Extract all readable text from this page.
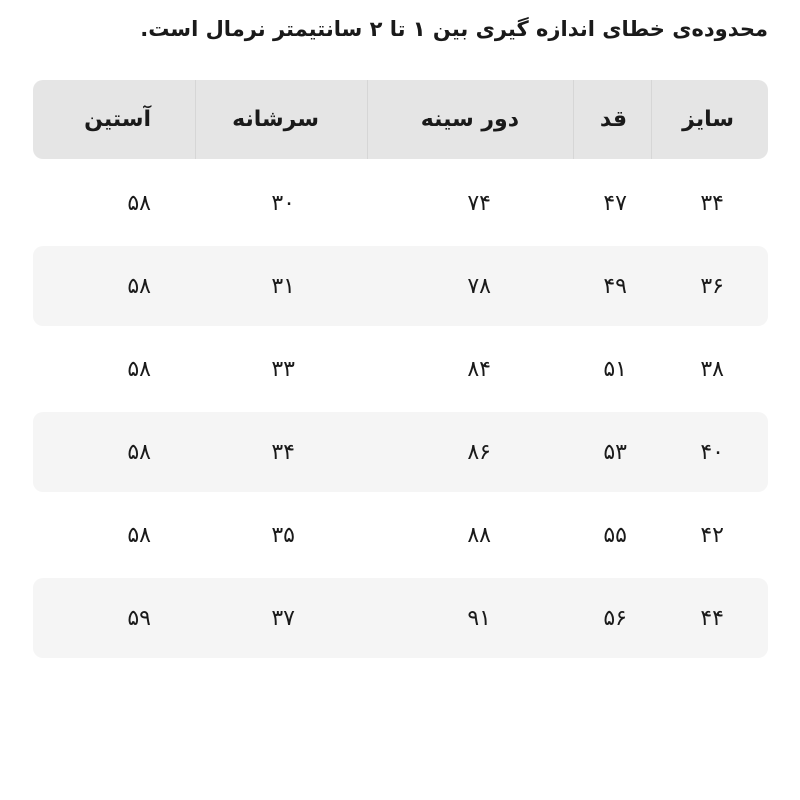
محدوده‌ی خطای اندازه گیری بین ۱ تا ۲ سانتیمتر نرمال است.
سایز
قد
دور سینه
سرشانه
آستین
۳۴
۴۷
۷۴
۳۰
۵۸
۳۶
۴۹
۷۸
۳۱
۵۸
۳۸
۵۱
۸۴
۳۳
۵۸
۴۰
۵۳
۸۶
۳۴
۵۸
۴۲
۵۵
۸۸
۳۵
۵۸
۴۴
۵۶
۹۱
۳۷
۵۹
